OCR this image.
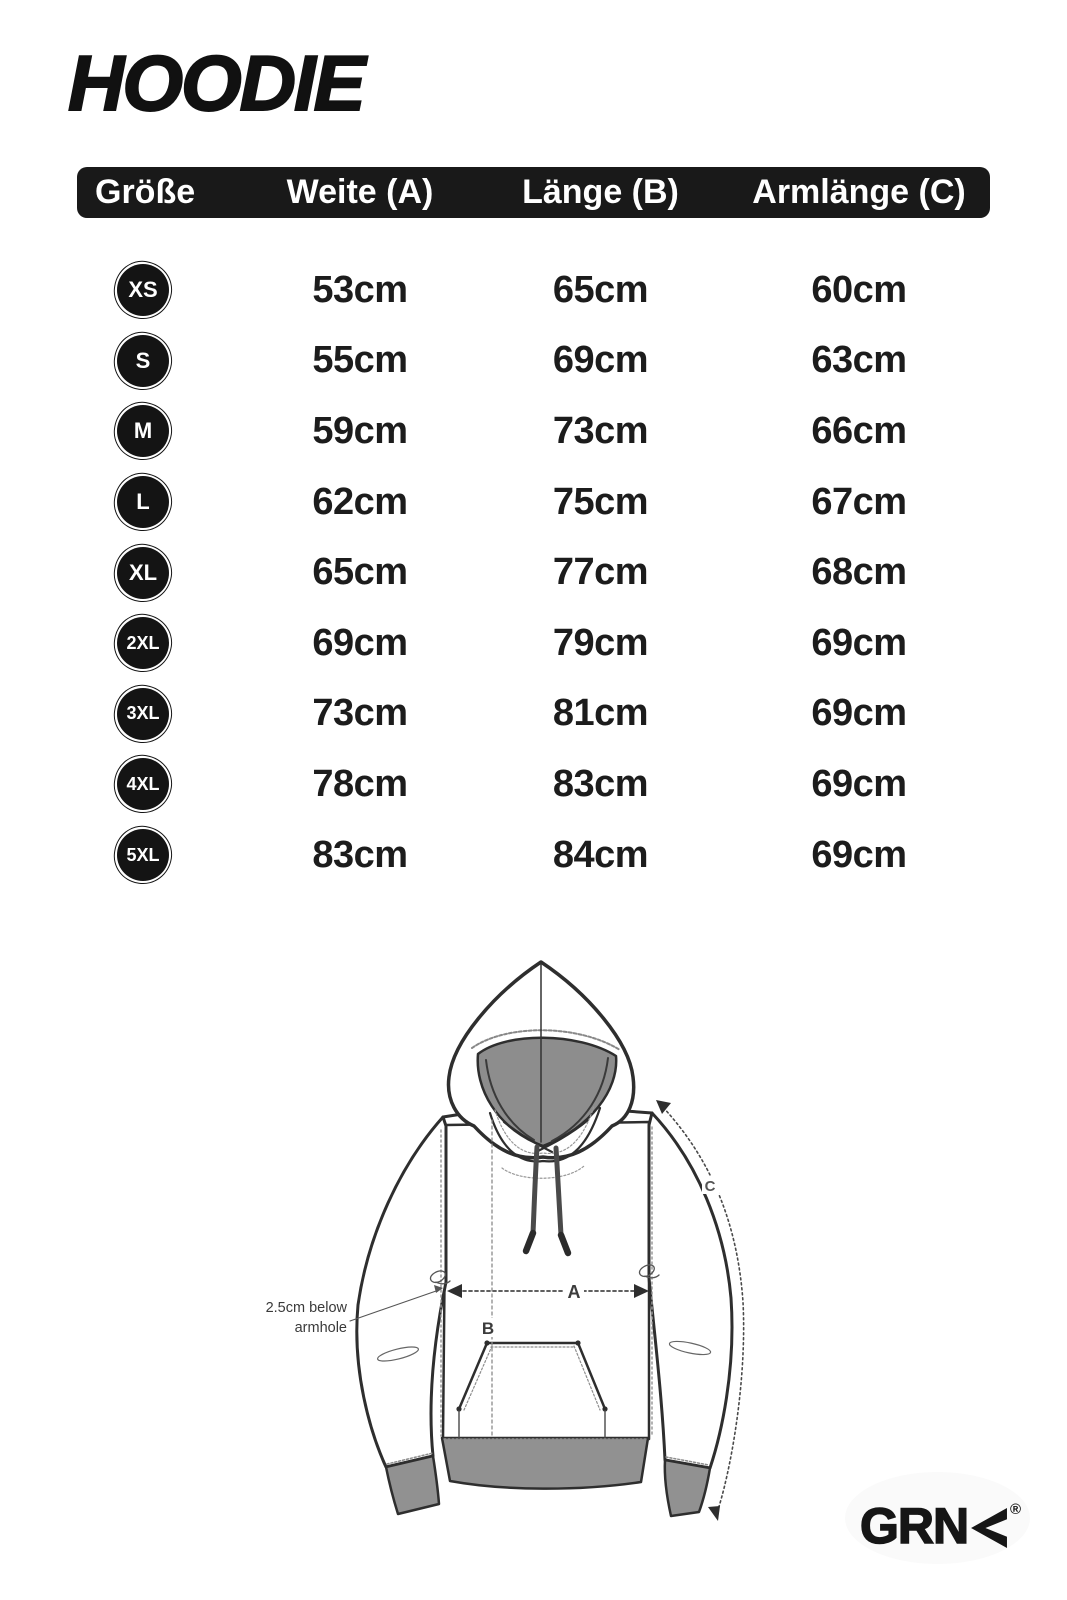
HOODIE
Größe	Weite (A)	Länge (B)	Armlänge (C)
XS	53cm	65cm	60cm
S	55cm	69cm	63cm
M	59cm	73cm	66cm
L	62cm	75cm	67cm
XL	65cm	77cm	68cm
2XL	69cm	79cm	69cm
3XL	73cm	81cm	69cm
4XL	78cm	83cm	69cm
5XL	83cm	84cm	69cm
A
B
C
2.5cm below
armhole
GRN	®
